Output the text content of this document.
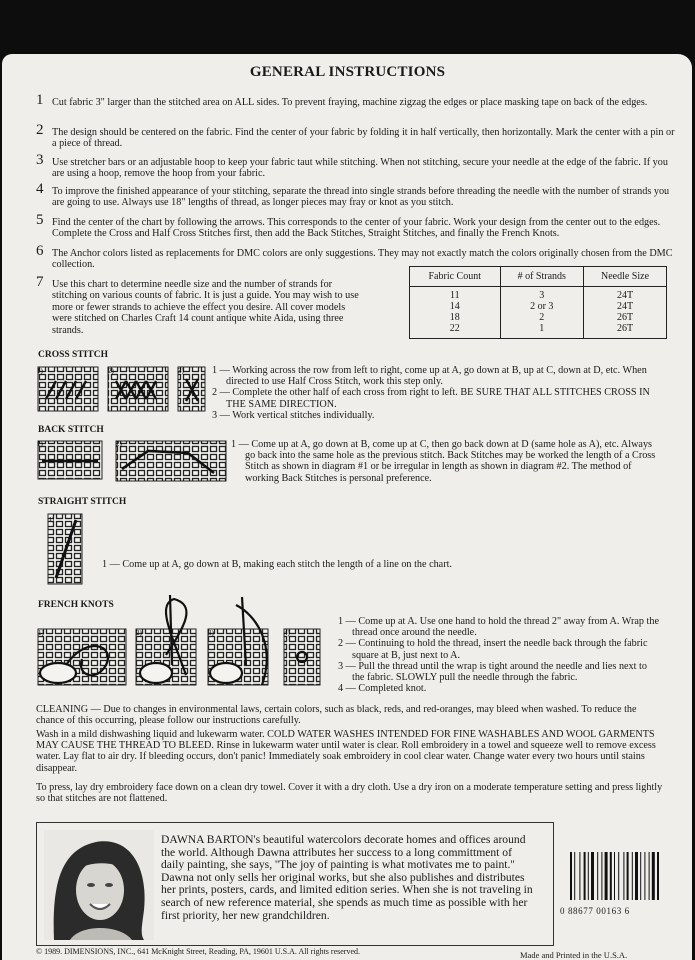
GENERAL INSTRUCTIONS
1 Cut fabric 3" larger than the stitched area on ALL sides. To prevent fraying, machine zigzag the edges or place masking tape on back of the edges.
2 The design should be centered on the fabric. Find the center of your fabric by folding it in half vertically, then horizontally. Mark the center with a pin or a piece of thread.
3 Use stretcher bars or an adjustable hoop to keep your fabric taut while stitching. When not stitching, secure your needle at the edge of the fabric. If you are using a hoop, remove the hoop from your fabric.
4 To improve the finished appearance of your stitching, separate the thread into single strands before threading the needle with the number of strands you are going to use. Always use 18" lengths of thread, as longer pieces may fray or knot as you stitch.
5 Find the center of the chart by following the arrows. This corresponds to the center of your fabric. Work your design from the center out to the edges. Complete the Cross and Half Cross Stitches first, then add the Back Stitches, Straight Stitches, and finally the French Knots.
6 The Anchor colors listed as replacements for DMC colors are only suggestions. They may not exactly match the colors originally chosen from the DMC collection.
7 Use this chart to determine needle size and the number of strands for stitching on various counts of fabric. It is just a guide. You may wish to use more or fewer strands to achieve the effect you desire. All cover models were stitched on Charles Craft 14 count antique white Aida, using three strands.
Fabric Count	# of Strands	Needle Size
11	3	24T
14	2 or 3	24T
18	2	26T
22	1	26T
CROSS STITCH
1)	2)	3)	1 — Working across the row from left to right, come up at A, go down at B, up at C, down at D, etc. When directed to use Half Cross Stitch, work this step only.
2 — Complete the other half of each cross from right to left. BE SURE THAT ALL STITCHES CROSS IN THE SAME DIRECTION.
3 — Work vertical stitches individually.
BACK STITCH
1)	2)	1 — Come up at A, go down at B, come up at C, then go back down at D (same hole as A), etc. Always go back into the same hole as the previous stitch. Back Stitches may be worked the length of a Cross Stitch as shown in diagram #1 or be irregular in length as shown in diagram #2. The method of working Back Stitches is personal preference.
STRAIGHT STITCH
1)
1 — Come up at A, go down at B, making each stitch the length of a line on the chart.
FRENCH KNOTS
1)	2)	3)	4)
1 — Come up at A. Use one hand to hold the thread 2" away from A. Wrap the thread once around the needle.
2 — Continuing to hold the thread, insert the needle back through the fabric square at B, just next to A.
3 — Pull the thread until the wrap is tight around the needle and lies next to the fabric. SLOWLY pull the needle through the fabric.
4 — Completed knot.
CLEANING — Due to changes in environmental laws, certain colors, such as black, reds, and red-oranges, may bleed when washed. To reduce the chance of this occurring, please follow our instructions carefully.
Wash in a mild dishwashing liquid and lukewarm water. COLD WATER WASHES INTENDED FOR FINE WASHABLES AND WOOL GARMENTS MAY CAUSE THE THREAD TO BLEED. Rinse in lukewarm water until water is clear. Roll embroidery in a towel and squeeze well to remove excess water. Lay flat to air dry. If bleeding occurs, don't panic! Immediately soak embroidery in cool clear water. Change water every two hours until stains disappear.
To press, lay dry embroidery face down on a clean dry towel. Cover it with a dry cloth. Use a dry iron on a moderate temperature setting and press lightly so that stitches are not flattened.
DAWNA BARTON's beautiful watercolors decorate homes and offices around the world. Although Dawna attributes her success to a long committment of daily painting, she says, ''The joy of painting is what motivates me to paint.'' Dawna not only sells her original works, but she also publishes and distributes her prints, posters, cards, and limited edition series. When she is not traveling in search of new reference material, she spends as much time as possible with her first priority, her new grandchildren.	0 88677 00163 6
© 1989. DIMENSIONS, INC., 641 McKnight Street, Reading, PA, 19601 U.S.A. All rights reserved.	Made and Printed in the U.S.A.
